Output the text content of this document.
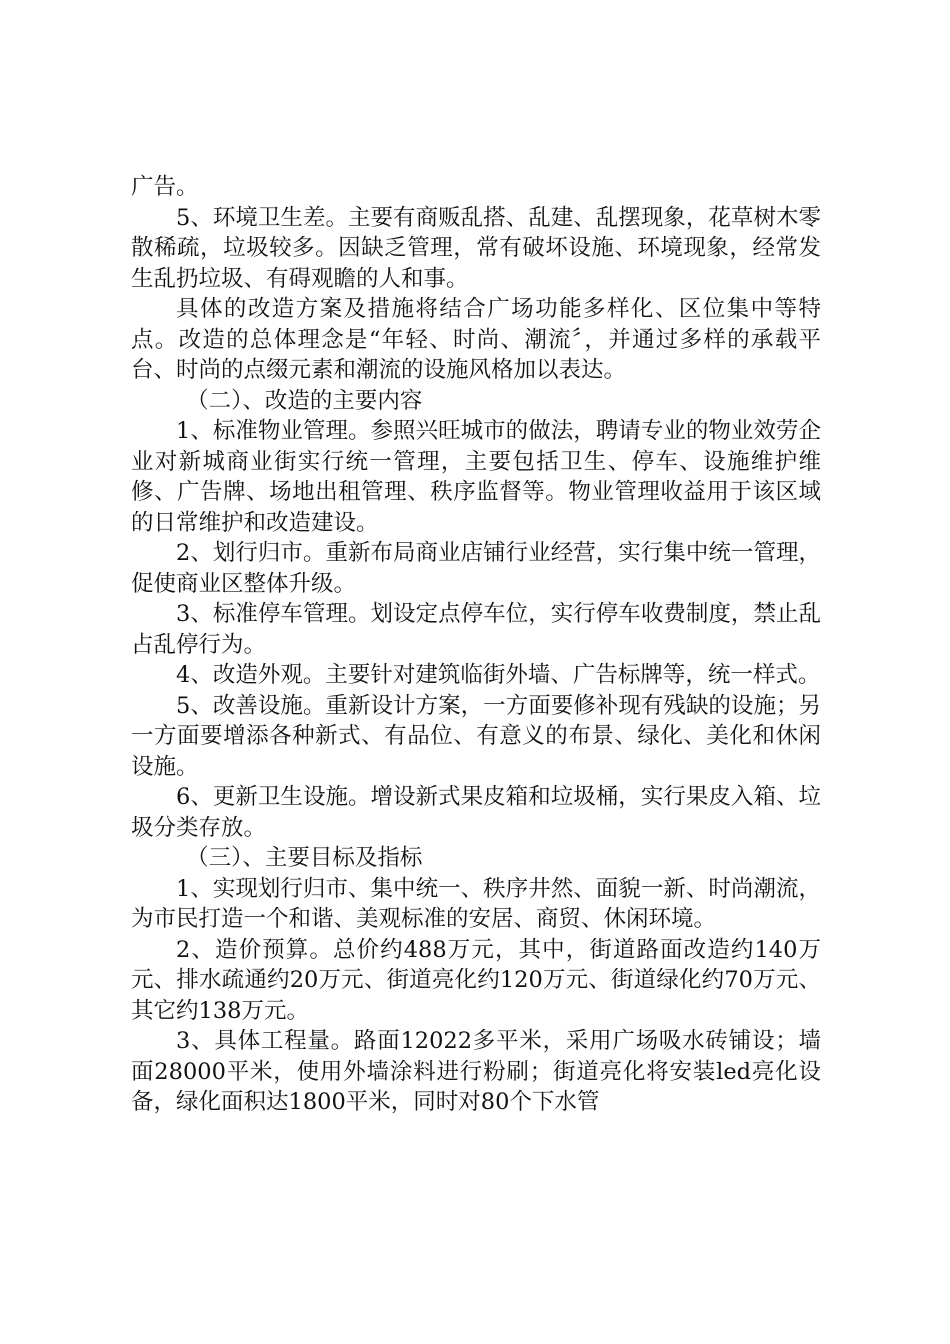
广告。

5、环境卫生差。主要有商贩乱搭、乱建、乱摆现象，花草树木零散稀疏，垃圾较多。因缺乏管理，常有破坏设施、环境现象，经常发生乱扔垃圾、有碍观瞻的人和事。

具体的改造方案及措施将结合广场功能多样化、区位集中等特点。改造的总体理念是“年轻、时尚、潮流〞，并通过多样的承载平台、时尚的点缀元素和潮流的设施风格加以表达。

（二）、改造的主要内容

1、标准物业管理。参照兴旺城市的做法，聘请专业的物业效劳企业对新城商业街实行统一管理，主要包括卫生、停车、设施维护维修、广告牌、场地出租管理、秩序监督等。物业管理收益用于该区域的日常维护和改造建设。

2、划行归市。重新布局商业店铺行业经营，实行集中统一管理，促使商业区整体升级。

3、标准停车管理。划设定点停车位，实行停车收费制度，禁止乱占乱停行为。

4、改造外观。主要针对建筑临街外墙、广告标牌等，统一样式。

5、改善设施。重新设计方案，一方面要修补现有残缺的设施；另一方面要增添各种新式、有品位、有意义的布景、绿化、美化和休闲设施。

6、更新卫生设施。增设新式果皮箱和垃圾桶，实行果皮入箱、垃圾分类存放。

（三）、主要目标及指标

1、实现划行归市、集中统一、秩序井然、面貌一新、时尚潮流，为市民打造一个和谐、美观标准的安居、商贸、休闲环境。

2、造价预算。总价约488万元，其中，街道路面改造约140万元、排水疏通约20万元、街道亮化约120万元、街道绿化约70万元、其它约138万元。

3、具体工程量。路面12022多平米，采用广场吸水砖铺设；墙面28000平米，使用外墙涂料进行粉刷；街道亮化将安装led亮化设备，绿化面积达1800平米，同时对80个下水管
